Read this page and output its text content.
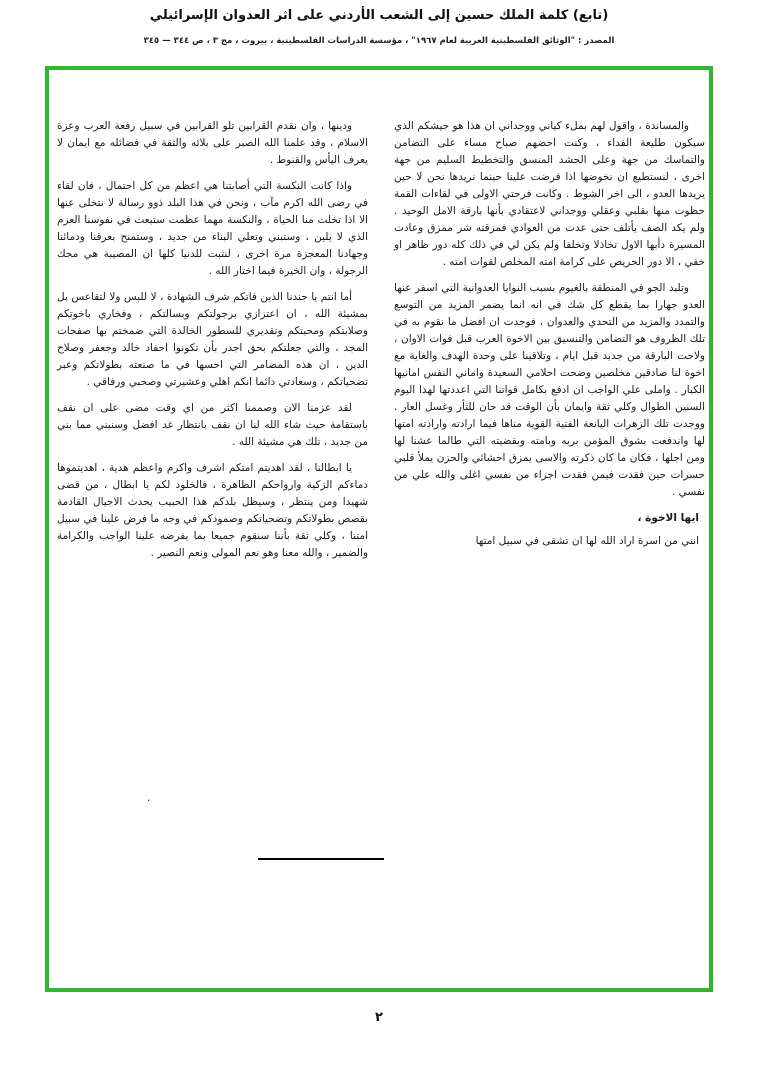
(تابع) كلمة الملك حسين إلى الشعب الأردني على اثر العدوان الإسرائيلي
المصدر : "الوثائق الفلسطينية العربية لعام ١٩٦٧" ، مؤسسة الدراسات الفلسطينية ، بيروت ، مج ٣ ، ص ٣٤٤ — ٣٤٥

والمساندة ، واقول لهم بملء كياني ووجداني ان هذا هو جيشكم الذي سيكون طليعة الفداء ، وكنت احضهم صباح مساء على التضامن والتماسك من جهة وعلى الحشد المنسق والتخطيط السليم من جهة اخرى ، لنستطيع ان نخوضها اذا فرضت علينا حينما نريدها نحن لا حين يريدها العدو ، الى اخر الشوط . وكانت فرحتي الاولى في لقاءات القمة حظوت منها بقلبي وعقلي ووجداني لاعتقادي بأنها بارقة الامل الوحيد . ولم يكد الصف يأتلف حتى عدت من العوادي فمزقته شر ممزق وعادت المسيرة دأبها الاول تخاذلا وتخلفا ولم يكن لي في ذلك كله دور ظاهر او خفي ، الا دور الحريص على كرامة امته المخلص لقوات امته .

وتلبد الجو في المنطقة بالغيوم بسبب النوايا العدوانية التي اسفر عنها العدو جهارا بما يقطع كل شك في انه انما يضمر المزيد من التوسع والتمدد والمزيد من التحدي والعدوان ، فوجدت ان افضل ما نقوم به في تلك الظروف هو التضامن والتنسيق بين الاخوة العرب قبل فوات الاوان ، ولاحت البارقة من جديد قبل ايام ، وتلاقينا على وحدة الهدف والغاية مع اخوة لنا صادقين مخلصين وضحت احلامي السعيدة واماني النفس امانيها الكبار . واملى علي الواجب ان ادفع بكامل قواتنا التي اعددتها لهذا اليوم السنين الطوال وكلي ثقة وايمان بأن الوقت قد حان للثأر وغسل العار . ووجدت تلك الزهرات اليانعة الفتية القوية مناها فيما ارادته وارادته امتها لها واندفعت بشوق المؤمن بربه وبامته وبقضيته التي طالما عشنا لها ومن اجلها ، فكان ما كان ذكرته والاسى يمزق احشائي والحزن يملأ قلبي حسرات حين فقدت فيمن فقدت اجزاء من نفسي اغلى والله علي من نفسي .

ايها الاخوة ،

انني من اسرة اراد الله لها ان تشقى في سبيل امتها

ودينها ، وان نقدم القرابين تلو القرابين في سبيل رفعة العرب وعزة الاسلام ، وقد علمنا الله الصبر على بلائه والثقة في فضائله مع ايمان لا يعرف اليأس والقنوط .

واذا كانت النكسة التي أصابتنا هي اعظم من كل احتمال ، فان لقاء في رضى الله اكرم مآب ، ونحن في هذا البلد ذوو رسالة لا نتخلى عنها الا اذا تخلت منا الحياة ، والنكسة مهما عظمت ستبعث في نفوسنا العزم الذي لا يلين ، وستبني وتعلي البناء من جديد ، وستمنح بعرقنا ودمائنا وجهادنا المعجزة مرة اخرى ، لنثبت للدنيا كلها ان المصيبة هي محك الرجولة ، وان الخيرة فيما اختار الله .

أما انتم يا جندنا الذين فاتكم شرف الشهادة ، لا للبس ولا لتقاعس بل بمشيئة الله ، ان اعتزازي برجولتكم وبسالتكم ، وفخاري باخوتكم وصلابتكم ومحبتكم وتقديري للسطور الخالدة التي ضمختم بها صفحات المجد ، والتي جعلتكم بحق اجدر بأن تكونوا احفاد خالد وجعفر وصلاح الدين ، ان هذه المضامر التي احسها في ما صنعته بطولاتكم وعبر تضحياتكم ، وسعادتي دائما انكم اهلي وعشيرتي وصحبي ورفاقي .

لقد عزمنا الان وصممنا اكثر من اي وقت مضى على ان نقف باستقامة حيث شاء الله لنا ان نقف بانتظار غد افضل وسنبني مما بني من جديد ، تلك هي مشيئة الله .

يا ابطالنا ، لقد اهديتم امتكم اشرف واكرم واعظم هدية ، اهديتموها دماءكم الزكية وارواحكم الطاهرة ، فالخلود لكم يا ابطال ، من قضى شهيدا ومن ينتظر ، وسيظل بلدكم هذا الحبيب يحدث الاجيال القادمة بقصص بطولاتكم وتضحياتكم وصمودكم في وجه ما فرض علينا في سبيل امتنا ، وكلي ثقة بأننا سنقوم جميعا بما يفرضه علينا الواجب والكرامة والضمير ، والله معنا وهو نعم المولى ونعم النصير .

·
٢
